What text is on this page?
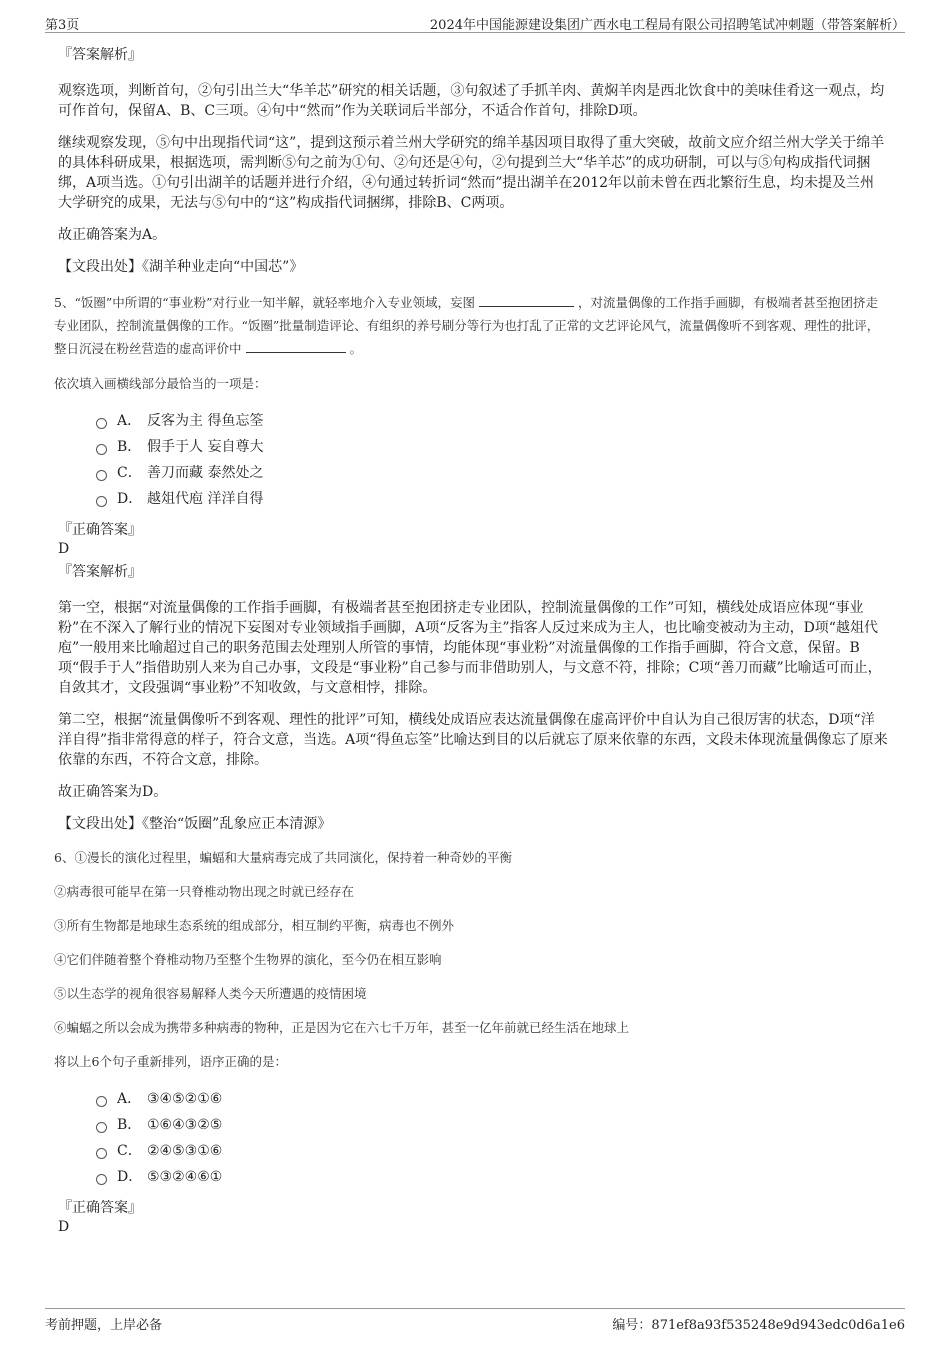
第3页	2024年中国能源建设集团广西水电工程局有限公司招聘笔试冲刺题（带答案解析）

『答案解析』

观察选项，判断首句，②句引出兰大“华羊芯”研究的相关话题，③句叙述了手抓羊肉、黄焖羊肉是西北饮食中的美味佳肴这一观点，均可作首句，保留A、B、C三项。④句中“然而”作为关联词后半部分，不适合作首句，排除D项。

继续观察发现，⑤句中出现指代词“这”，提到这预示着兰州大学研究的绵羊基因项目取得了重大突破，故前文应介绍兰州大学关于绵羊的具体科研成果，根据选项，需判断⑤句之前为①句、②句还是④句，②句提到兰大“华羊芯”的成功研制，可以与⑤句构成指代词捆绑，A项当选。①句引出湖羊的话题并进行介绍，④句通过转折词“然而”提出湖羊在2012年以前未曾在西北繁衍生息，均未提及兰州大学研究的成果，无法与⑤句中的“这”构成指代词捆绑，排除B、C两项。

故正确答案为A。

【文段出处】《湖羊种业走向“中国芯”》

5、“饭圈”中所谓的“事业粉”对行业一知半解，就轻率地介入专业领域，妄图	，对流量偶像的工作指手画脚，有极端者甚至抱团挤走专业团队，控制流量偶像的工作。“饭圈”批量制造评论、有组织的养号刷分等行为也打乱了正常的文艺评论风气，流量偶像听不到客观、理性的批评，整日沉浸在粉丝营造的虚高评价中	。

依次填入画横线部分最恰当的一项是：

A． 反客为主 得鱼忘筌
B． 假手于人 妄自尊大
C． 善刀而藏 泰然处之
D． 越俎代庖 洋洋自得

『正确答案』

D

『答案解析』

第一空，根据“对流量偶像的工作指手画脚，有极端者甚至抱团挤走专业团队，控制流量偶像的工作”可知，横线处成语应体现“事业粉”在不深入了解行业的情况下妄图对专业领域指手画脚，A项“反客为主”指客人反过来成为主人，也比喻变被动为主动，D项“越俎代庖”一般用来比喻超过自己的职务范围去处理别人所管的事情，均能体现“事业粉”对流量偶像的工作指手画脚，符合文意，保留。B项“假手于人”指借助别人来为自己办事，文段是“事业粉”自己参与而非借助别人，与文意不符，排除；C项“善刀而藏”比喻适可而止，自敛其才，文段强调“事业粉”不知收敛，与文意相悖，排除。

第二空，根据“流量偶像听不到客观、理性的批评”可知，横线处成语应表达流量偶像在虚高评价中自认为自己很厉害的状态，D项“洋洋自得”指非常得意的样子，符合文意，当选。A项“得鱼忘筌”比喻达到目的以后就忘了原来依靠的东西，文段未体现流量偶像忘了原来依靠的东西，不符合文意，排除。

故正确答案为D。

【文段出处】《整治“饭圈”乱象应正本清源》

6、①漫长的演化过程里，蝙蝠和大量病毒完成了共同演化，保持着一种奇妙的平衡

②病毒很可能早在第一只脊椎动物出现之时就已经存在

③所有生物都是地球生态系统的组成部分，相互制约平衡，病毒也不例外

④它们伴随着整个脊椎动物乃至整个生物界的演化，至今仍在相互影响

⑤以生态学的视角很容易解释人类今天所遭遇的疫情困境

⑥蝙蝠之所以会成为携带多种病毒的物种，正是因为它在六七千万年，甚至一亿年前就已经生活在地球上

将以上6个句子重新排列，语序正确的是：

A． ③④⑤②①⑥
B． ①⑥④③②⑤
C． ②④⑤③①⑥
D． ⑤③②④⑥①

『正确答案』

D

考前押题，上岸必备	编号：871ef8a93f535248e9d943edc0d6a1e6
